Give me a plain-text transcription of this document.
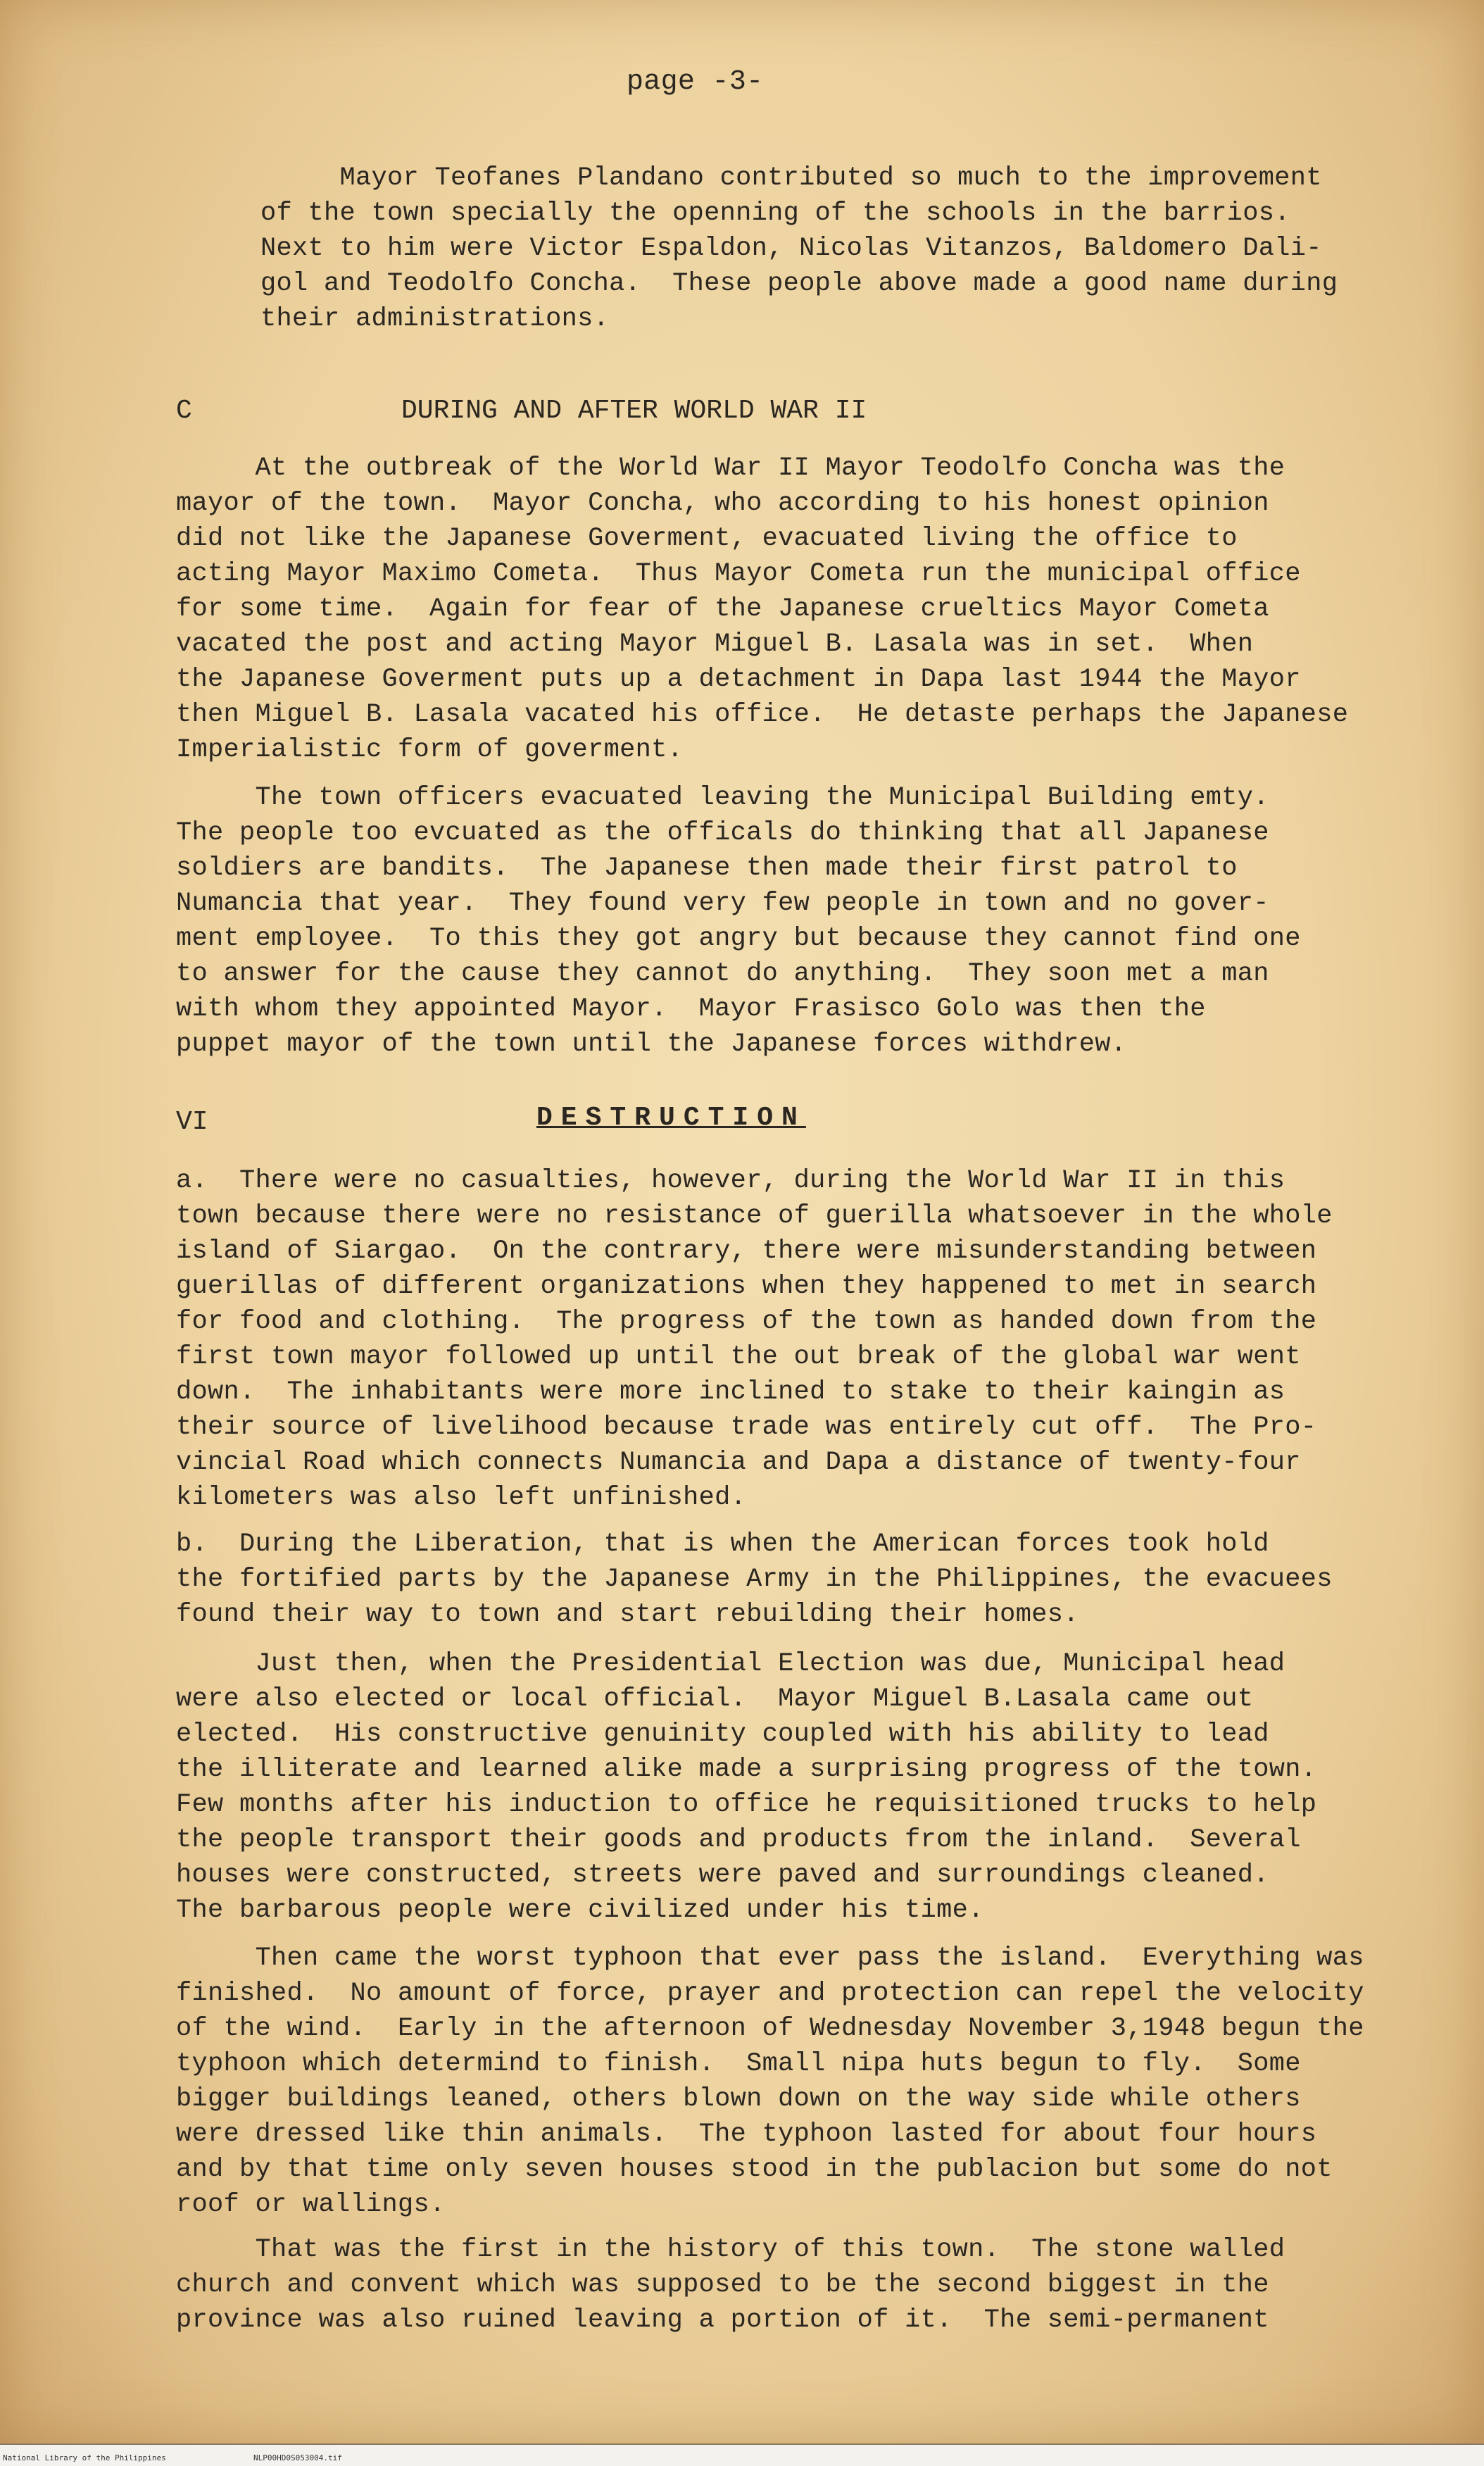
page -3-
Mayor Teofanes Plandano contributed so much to the improvement
of the town specially the openning of the schools in the barrios.
Next to him were Victor Espaldon, Nicolas Vitanzos, Baldomero Dali-
gol and Teodolfo Concha.  These people above made a good name during
their administrations.
C	DURING AND AFTER WORLD WAR II
At the outbreak of the World War II Mayor Teodolfo Concha was the
mayor of the town.  Mayor Concha, who according to his honest opinion
did not like the Japanese Goverment, evacuated living the office to
acting Mayor Maximo Cometa.  Thus Mayor Cometa run the municipal office
for some time.  Again for fear of the Japanese crueltics Mayor Cometa
vacated the post and acting Mayor Miguel B. Lasala was in set.  When
the Japanese Goverment puts up a detachment in Dapa last 1944 the Mayor
then Miguel B. Lasala vacated his office.  He detaste perhaps the Japanese
Imperialistic form of goverment.
The town officers evacuated leaving the Municipal Building emty.
The people too evcuated as the officals do thinking that all Japanese
soldiers are bandits.  The Japanese then made their first patrol to
Numancia that year.  They found very few people in town and no gover-
ment employee.  To this they got angry but because they cannot find one
to answer for the cause they cannot do anything.  They soon met a man
with whom they appointed Mayor.  Mayor Frasisco Golo was then the
puppet mayor of the town until the Japanese forces withdrew.
VI	DESTRUCTION
a.  There were no casualties, however, during the World War II in this
town because there were no resistance of guerilla whatsoever in the whole
island of Siargao.  On the contrary, there were misunderstanding between
guerillas of different organizations when they happened to met in search
for food and clothing.  The progress of the town as handed down from the
first town mayor followed up until the out break of the global war went
down.  The inhabitants were more inclined to stake to their kaingin as
their source of livelihood because trade was entirely cut off.  The Pro-
vincial Road which connects Numancia and Dapa a distance of twenty-four
kilometers was also left unfinished.
b.  During the Liberation, that is when the American forces took hold
the fortified parts by the Japanese Army in the Philippines, the evacuees
found their way to town and start rebuilding their homes.
Just then, when the Presidential Election was due, Municipal head
were also elected or local official.  Mayor Miguel B.Lasala came out
elected.  His constructive genuinity coupled with his ability to lead
the illiterate and learned alike made a surprising progress of the town.
Few months after his induction to office he requisitioned trucks to help
the people transport their goods and products from the inland.  Several
houses were constructed, streets were paved and surroundings cleaned.
The barbarous people were civilized under his time.
Then came the worst typhoon that ever pass the island.  Everything was
finished.  No amount of force, prayer and protection can repel the velocity
of the wind.  Early in the afternoon of Wednesday November 3,1948 begun the
typhoon which determind to finish.  Small nipa huts begun to fly.  Some
bigger buildings leaned, others blown down on the way side while others
were dressed like thin animals.  The typhoon lasted for about four hours
and by that time only seven houses stood in the publacion but some do not
roof or wallings.
That was the first in the history of this town.  The stone walled
church and convent which was supposed to be the second biggest in the
province was also ruined leaving a portion of it.  The semi-permanent
National Library of the Philippines	NLP00HD0S053004.tif
